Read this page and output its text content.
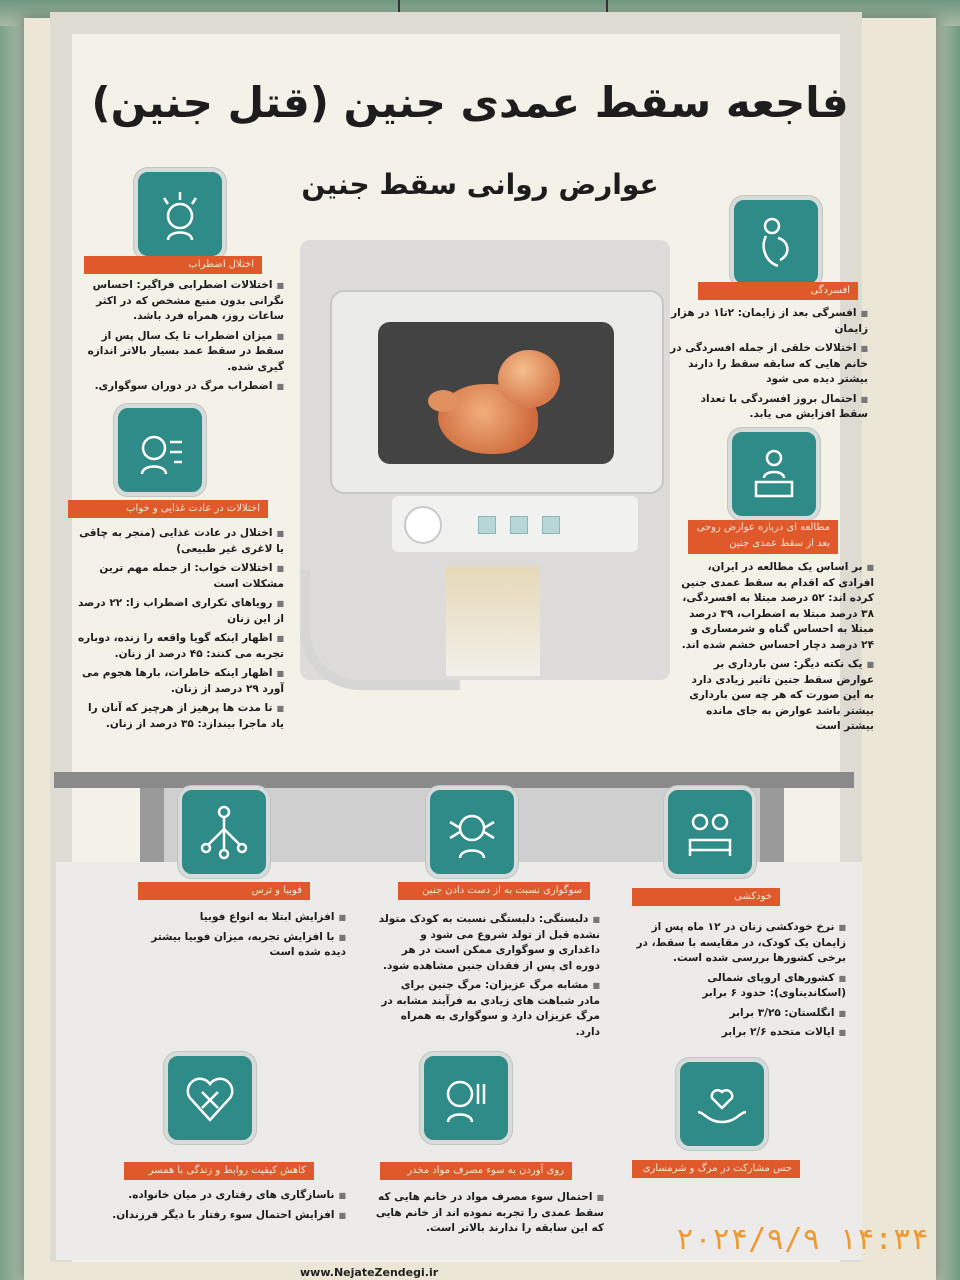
فاجعه سقط عمدی جنین (قتل جنین)
عوارض روانی سقط جنین
اختلال اضطراب
افسردگی
اختلالات در عادت غذایی و خواب
مطالعه ای درباره عوارض روحی بعد از سقط عمدی جنین
فوبیا و ترس	سوگواری نسبت به از دست دادن جنین
خودکشی
کاهش کیفیت روابط و زندگی با همسر	روی آوردن به سوء مصرف مواد مخدر	حس مشارکت در مرگ و شرمساری

■ اختلالات اضطرابی فراگیر: احساس نگرانی بدون منبع مشخص که در اکثر ساعات روز، همراه فرد باشد.

■ میزان اضطراب تا یک سال پس از سقط در سقط عمد بسیار بالاتر اندازه گیری شده.

■ اضطراب مرگ در دوران سوگواری.

■ افسرگی بعد از زایمان: ۲تا۱ در هزار زایمان

■ اختلالات خلقی از جمله افسردگی در خانم هایی که سابقه سقط را دارند بیشتر دیده می شود

■ احتمال بروز افسردگی با تعداد سقط افزایش می یابد.

■ اختلال در عادت غذایی (منجر به چاقی یا لاغری غیر طبیعی)

■ اختلالات خواب: از جمله مهم ترین مشکلات است

■ رویاهای تکراری اضطراب زا: ۲۲ درصد از این زنان

■ اظهار اینکه گویا واقعه را زنده، دوباره تجربه می کنند: ۴۵ درصد از زنان.

■ اظهار اینکه خاطرات، بارها هجوم می آورد ۲۹ درصد از زنان.

■ تا مدت ها پرهیز از هرچیز که آنان را یاد ماجرا بیندازد: ۳۵ درصد از زنان.

■ بر اساس یک مطالعه در ایران، افرادی که اقدام به سقط عمدی جنین کرده اند: ۵۲ درصد مبتلا به افسردگی، ۳۸ درصد مبتلا به اضطراب، ۳۹ درصد مبتلا به احساس گناه و شرمساری و ۲۴ درصد دچار احساس خشم شده اند.

■ یک نکته دیگر: سن بارداری بر عوارض سقط جنین تاثیر زیادی دارد به این صورت که هر چه سن بارداری بیشتر باشد عوارض به جای مانده بیشتر است

■ افزایش ابتلا به انواع فوبیا

■ با افزایش تجربه، میزان فوبیا بیشتر دیده شده است

■ دلبستگی: دلبستگی نسبت به کودک متولد نشده قبل از تولد شروع می شود و داغداری و سوگواری ممکن است در هر دوره ای پس از فقدان جنین مشاهده شود.

■ مشابه مرگ عزیزان: مرگ جنین برای مادر شباهت های زیادی به فرآیند مشابه در مرگ عزیزان دارد و سوگواری به همراه دارد.

■ نرخ خودکشی زنان در ۱۲ ماه پس از زایمان یک کودک، در مقایسه با سقط، در برخی کشورها بررسی شده است.

■ کشورهای اروپای شمالی (اسکاندیناوی): حدود ۶ برابر

■ انگلستان: ۳/۲۵ برابر

■ ایالات متحده ۲/۶ برابر

■ ناسازگاری های رفتاری در میان خانواده.

■ افزایش احتمال سوء رفتار با دیگر فرزندان.

■ احتمال سوء مصرف مواد در خانم هایی که سقط عمدی را تجربه نموده اند از خانم هایی که این سابقه را ندارند بالاتر است.

www.NejateZendegi.ir
۲۰۲۴/۹/۹ ۱۴:۳۴
